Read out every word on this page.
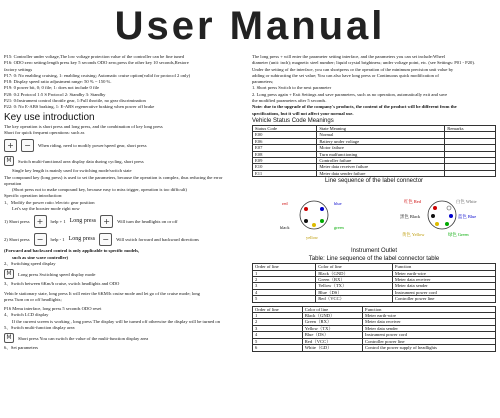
User Manual
P15: Controller under voltage,The low voltage protection value of the controller can be fine tuned
P16: ODO zero setting:length press key 5 seconds ODO zero,press the other key 10 seconds,Restore
factory settings
P17: 0: No enabling cruising, 1: enabling cruising; Automatic cruise option(valid for protocol 2 only)
P18: Display speed ratio adjustment range: 50 % ~ 150 %.
P19: 0 power bit, 0; 0 file; 1: does not include 0 file
P20: 0:2 Protocol 1:5 S Protocol 2: Standby 3: Standby
P21: 0:Instrument control throttle gear, 1:Full throttle, no gear discrimination
P22: 0: No E-ABS braking, 1: E-ABS regenerative braking when power off brake
Key use introduction
The key operation is short press and long press, and the combination of key long press
Short for quick frequent operations: such as
+	−	When riding, need to modify power/speed gear, short press
M	Switch multi-functional area display data during cycling, short press
Single key length is mainly used for switching mode/switch state
The compound key (long press) is used to set the parameters, because the operation is complex, thus reducing the error
operation
(Short press not to make compound key, because easy to miss trigger, operation is too difficult)
Specific operation introduction:
1、Modify the power ratio /electric gear position
Let's say the booster mode right now
1) Short press +	help + 1 Long press +	Will turn the headlights on or off
2) Short press −	help - 1 Long press −	Will switch forward and backward directions
(Forward and backward control is only applicable to specific models,
such as sine wave controller)
2、Switching speed display
M	Long press Switching speed display mode
3、Switch between 6Km/h cruise, switch headlights and ODO
Vehicle stationary state, long press It will enter the 6KM/h cruise mode and let go of the cruise mode; long
press Turn on or off headlights;
P16 Menu interface, long press 5 seconds ODO reset
4、Switch LCD display
If the current screen is working , long press The display will be turned off otherwise the display will be turned on
5、Switch multi-function display area
M	Short press You can switch the value of the multi-function display area
6、Set parameters
The long press + will enter the parameter setting interface, and the parameters you can set include:Wheel
diameter (unit: inch); magnetic steel number; liquid crystal brightness; under voltage point, etc. (see Settings: P01 - P20).
Under the setting of the interface, you can shortpress or the operation of the minimum precision unit value by
adding or subtracting the set value; You can also have long press or Continuous quick modification of
parameters;
1. Short press Switch to the next parameter
2. Long press again + Exit Settings and save parameters, such as no operation, automatically exit and save
the modified parameters after 5 seconds.
Note: due to the upgrade of the company's products, the content of the product will be different from the
specifications, but it will not affect your normal use.
Vehicle Status Code Meanings
Status Code	State Meaning	Remarks
E00	Normal	
E06	Battery under voltage	
E07	Motor failure	
E08	Turn malfunctioning	
E09	Controller failure	
E10	Meter data receiver failure	
E11	Meter data sender failure	
Line sequence of the label connector
red	blue
black	green
yellow
红色 Red	白色 White
黑色 Black	蓝色 Blue
黄色 Yellow	绿色 Green
Instrument Outlet
Table: Line sequence of the label connector table
Order of line	Color of line	Function
1	Black（GND）	Meter earth-wire
2	Green（RX）	Meter data receiver
3	Yellow（TX）	Meter data sender
4	Blue（DS）	Instrument power cord
5	Red（VCC）	Controller power line
Order of line	Color of line	Function
1	Black（GND）	Meter earth-wire
2	Green（RX）	Meter data receiver
3	Yellow（TX）	Meter data sender
4	Blue（DS）	Instrument power cord
5	Red（VCC）	Controller power line
6	White（GD）	Control the power supply of headlights
